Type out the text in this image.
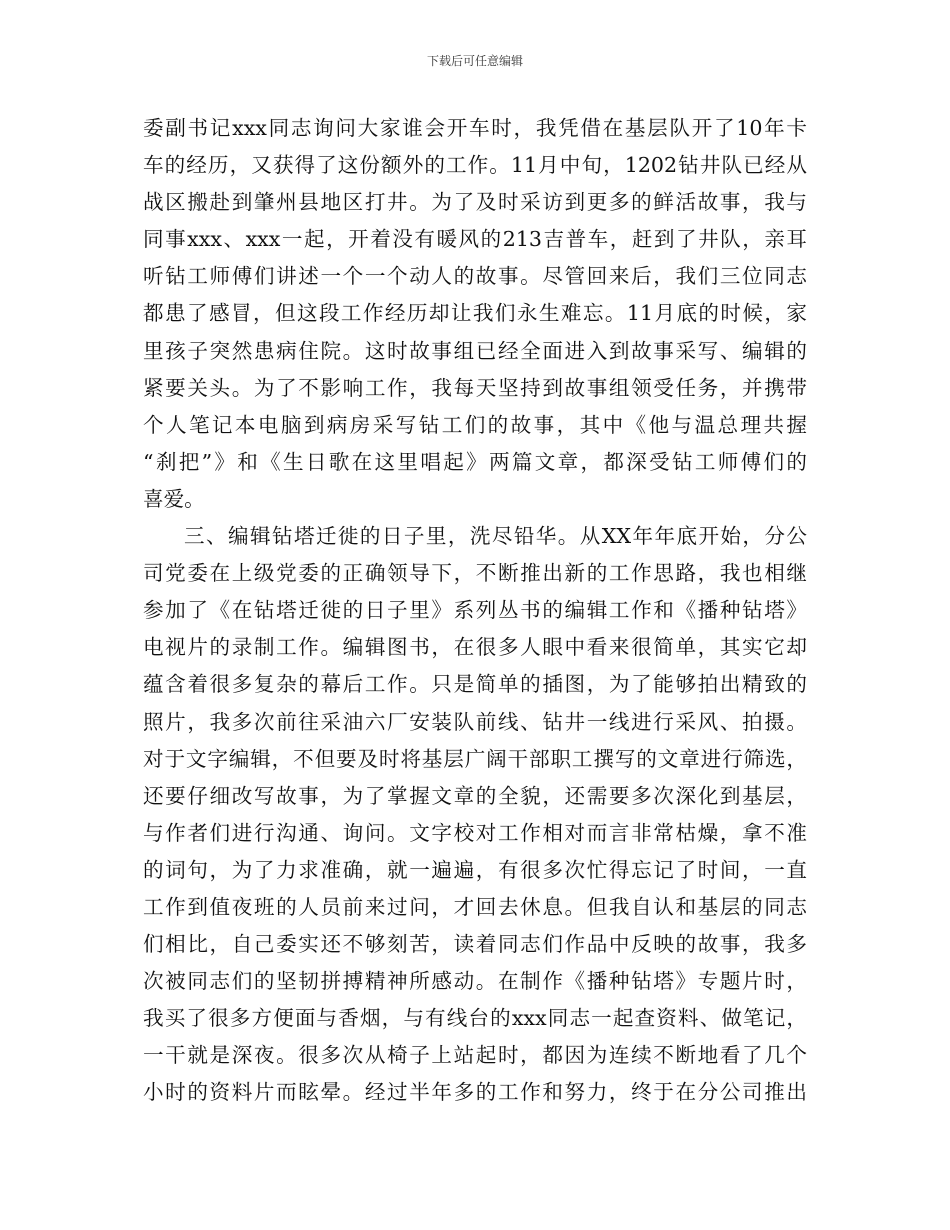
下载后可任意编辑
委副书记xxx同志询问大家谁会开车时，我凭借在基层队开了10年卡
车的经历，又获得了这份额外的工作。11月中旬，1202钻井队已经从
战区搬赴到肇州县地区打井。为了及时采访到更多的鲜活故事，我与
同事xxx、xxx一起，开着没有暖风的213吉普车，赶到了井队，亲耳
听钻工师傅们讲述一个一个动人的故事。尽管回来后，我们三位同志
都患了感冒，但这段工作经历却让我们永生难忘。11月底的时候，家
里孩子突然患病住院。这时故事组已经全面进入到故事采写、编辑的
紧要关头。为了不影响工作，我每天坚持到故事组领受任务，并携带
个人笔记本电脑到病房采写钻工们的故事，其中《他与温总理共握
“刹把”》和《生日歌在这里唱起》两篇文章，都深受钻工师傅们的
喜爱。
三、编辑钻塔迁徙的日子里，洗尽铅华。从XX年年底开始，分公
司党委在上级党委的正确领导下，不断推出新的工作思路，我也相继
参加了《在钻塔迁徙的日子里》系列丛书的编辑工作和《播种钻塔》
电视片的录制工作。编辑图书，在很多人眼中看来很简单，其实它却
蕴含着很多复杂的幕后工作。只是简单的插图，为了能够拍出精致的
照片，我多次前往采油六厂安装队前线、钻井一线进行采风、拍摄。
对于文字编辑，不但要及时将基层广阔干部职工撰写的文章进行筛选，
还要仔细改写故事，为了掌握文章的全貌，还需要多次深化到基层，
与作者们进行沟通、询问。文字校对工作相对而言非常枯燥，拿不准
的词句，为了力求准确，就一遍遍，有很多次忙得忘记了时间，一直
工作到值夜班的人员前来过问，才回去休息。但我自认和基层的同志
们相比，自己委实还不够刻苦，读着同志们作品中反映的故事，我多
次被同志们的坚韧拼搏精神所感动。在制作《播种钻塔》专题片时，
我买了很多方便面与香烟，与有线台的xxx同志一起查资料、做笔记，
一干就是深夜。很多次从椅子上站起时，都因为连续不断地看了几个
小时的资料片而眩晕。经过半年多的工作和努力，终于在分公司推出
